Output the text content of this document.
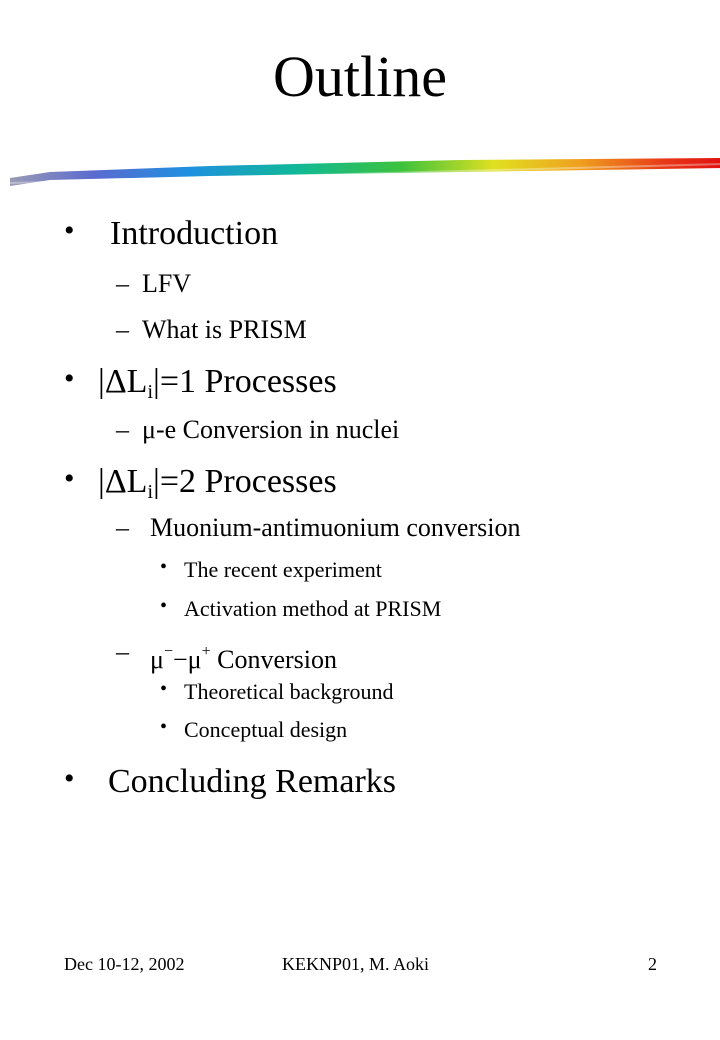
Outline
• Introduction
– LFV
– What is PRISM
• $|\Delta L_i|=1$ Processes
– μ-e Conversion in nuclei
• $|\Delta L_i|=2$ Processes
– Muonium-antimuonium conversion
• The recent experiment
• Activation method at PRISM
– μ−−μ+ Conversion
• Theoretical background
• Conceptual design
• Concluding Remarks
Dec 10-12, 2002	KEKNP01, M. Aoki	2
